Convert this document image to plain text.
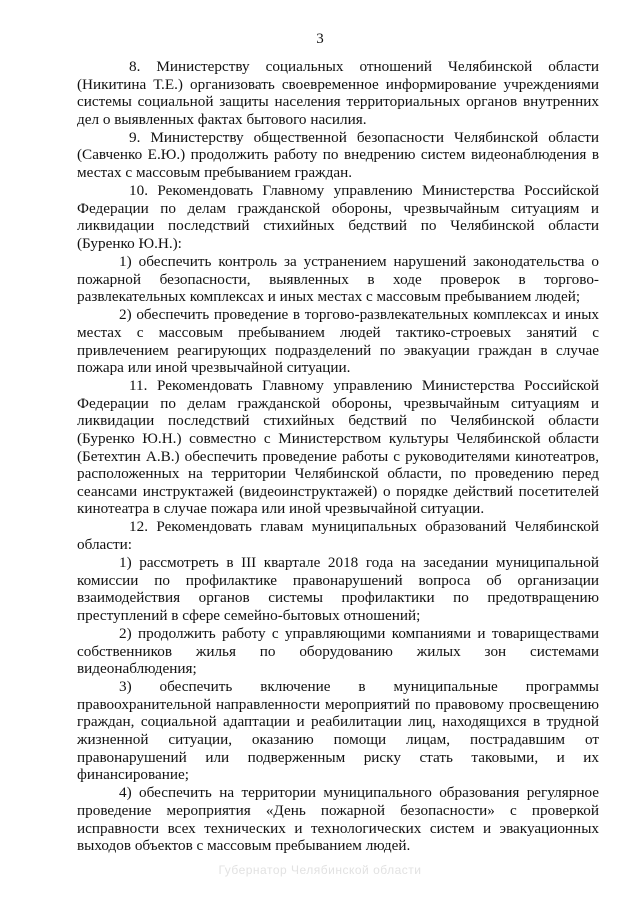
3

8. Министерству социальных отношений Челябинской области (Никитина Т.Е.) организовать своевременное информирование учреждениями системы социальной защиты населения территориальных органов внутренних дел о выявленных фактах бытового насилия.

9. Министерству общественной безопасности Челябинской области (Савченко Е.Ю.) продолжить работу по внедрению систем видеонаблюдения в местах с массовым пребыванием граждан.

10. Рекомендовать Главному управлению Министерства Российской Федерации по делам гражданской обороны, чрезвычайным ситуациям и ликвидации последствий стихийных бедствий по Челябинской области (Буренко Ю.Н.):

1) обеспечить контроль за устранением нарушений законодательства о пожарной безопасности, выявленных в ходе проверок в торгово-развлекательных комплексах и иных местах с массовым пребыванием людей;

2) обеспечить проведение в торгово-развлекательных комплексах и иных местах с массовым пребыванием людей тактико-строевых занятий с привлечением реагирующих подразделений по эвакуации граждан в случае пожара или иной чрезвычайной ситуации.

11. Рекомендовать Главному управлению Министерства Российской Федерации по делам гражданской обороны, чрезвычайным ситуациям и ликвидации последствий стихийных бедствий по Челябинской области (Буренко Ю.Н.) совместно с Министерством культуры Челябинской области (Бетехтин А.В.) обеспечить проведение работы с руководителями кинотеатров, расположенных на территории Челябинской области, по проведению перед сеансами инструктажей (видеоинструктажей) о порядке действий посетителей кинотеатра в случае пожара или иной чрезвычайной ситуации.

12. Рекомендовать главам муниципальных образований Челябинской области:

1) рассмотреть в III квартале 2018 года на заседании муниципальной комиссии по профилактике правонарушений вопроса об организации взаимодействия органов системы профилактики по предотвращению преступлений в сфере семейно-бытовых отношений;

2) продолжить работу с управляющими компаниями и товариществами собственников жилья по оборудованию жилых зон системами видеонаблюдения;

3) обеспечить включение в муниципальные программы правоохранительной направленности мероприятий по правовому просвещению граждан, социальной адаптации и реабилитации лиц, находящихся в трудной жизненной ситуации, оказанию помощи лицам, пострадавшим от правонарушений или подверженным риску стать таковыми, и их финансирование;

4) обеспечить на территории муниципального образования регулярное проведение мероприятия «День пожарной безопасности» с проверкой исправности всех технических и технологических систем и эвакуационных выходов объектов с массовым пребыванием людей.

Губернатор Челябинской области
